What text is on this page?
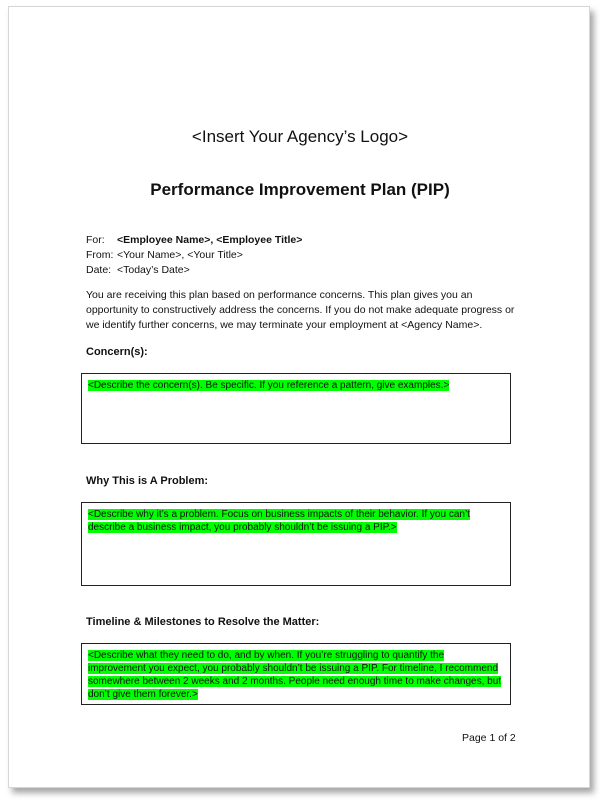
<Insert Your Agency’s Logo>
Performance Improvement Plan (PIP)
For:	<Employee Name>, <Employee Title>
From: <Your Name>, <Your Title>
Date: <Today’s Date>
You are receiving this plan based on performance concerns. This plan gives you an opportunity to constructively address the concerns. If you do not make adequate progress or we identify further concerns, we may terminate your employment at <Agency Name>.
Concern(s):
<Describe the concern(s). Be specific. If you reference a pattern, give examples.>
Why This is A Problem:
<Describe why it’s a problem. Focus on business impacts of their behavior. If you can’t describe a business impact, you probably shouldn’t be issuing a PIP.>
Timeline & Milestones to Resolve the Matter:
<Describe what they need to do, and by when. If you’re struggling to quantify the improvement you expect, you probably shouldn’t be issuing a PIP. For timeline, I recommend somewhere between 2 weeks and 2 months. People need enough time to make changes, but don’t give them forever.>
Page 1 of 2
